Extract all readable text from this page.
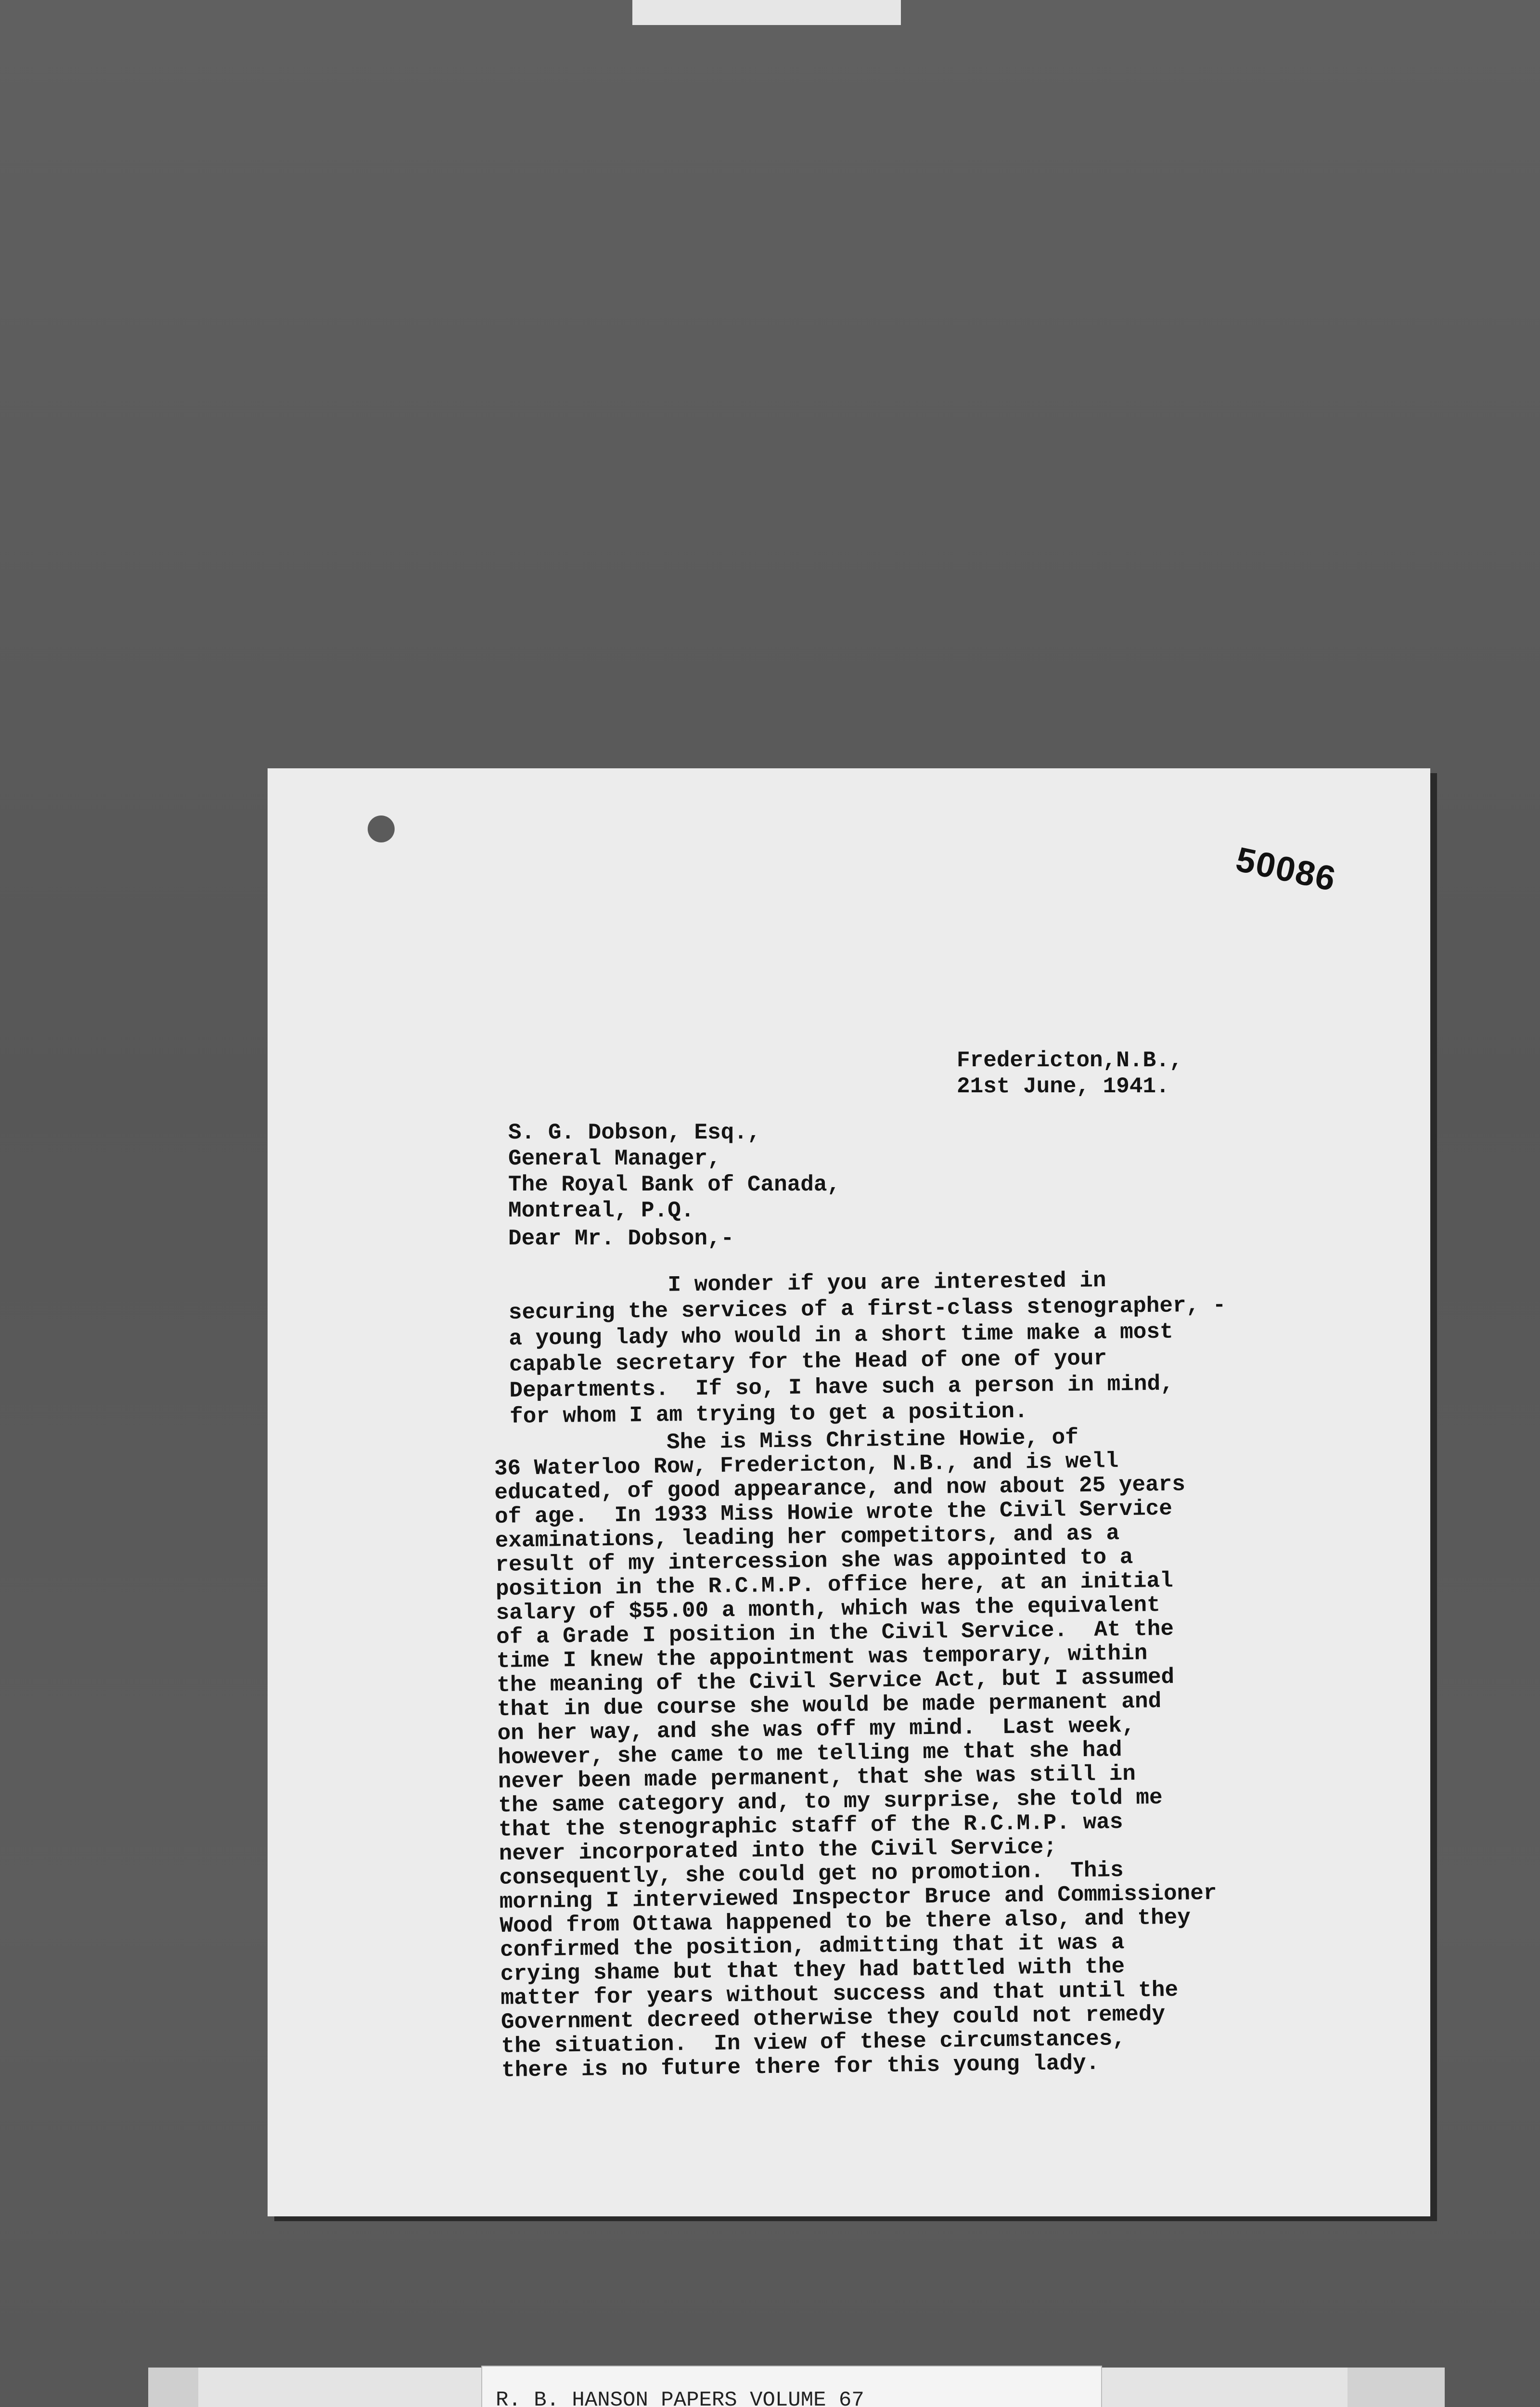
50086
Fredericton,N.B.,
21st June, 1941.
S. G. Dobson, Esq.,
General Manager,
The Royal Bank of Canada,
Montreal, P.Q.
Dear Mr. Dobson,-
I wonder if you are interested in
securing the services of a first-class stenographer, -
a young lady who would in a short time make a most
capable secretary for the Head of one of your
Departments.  If so, I have such a person in mind,
for whom I am trying to get a position.
She is Miss Christine Howie, of
36 Waterloo Row, Fredericton, N.B., and is well
educated, of good appearance, and now about 25 years
of age.  In 1933 Miss Howie wrote the Civil Service
examinations, leading her competitors, and as a
result of my intercession she was appointed to a
position in the R.C.M.P. office here, at an initial
salary of $55.00 a month, which was the equivalent
of a Grade I position in the Civil Service.  At the
time I knew the appointment was temporary, within
the meaning of the Civil Service Act, but I assumed
that in due course she would be made permanent and
on her way, and she was off my mind.  Last week,
however, she came to me telling me that she had
never been made permanent, that she was still in
the same category and, to my surprise, she told me
that the stenographic staff of the R.C.M.P. was
never incorporated into the Civil Service;
consequently, she could get no promotion.  This
morning I interviewed Inspector Bruce and Commissioner
Wood from Ottawa happened to be there also, and they
confirmed the position, admitting that it was a
crying shame but that they had battled with the
matter for years without success and that until the
Government decreed otherwise they could not remedy
the situation.  In view of these circumstances,
there is no future there for this young lady.
R. B. HANSON PAPERS VOLUME 67
